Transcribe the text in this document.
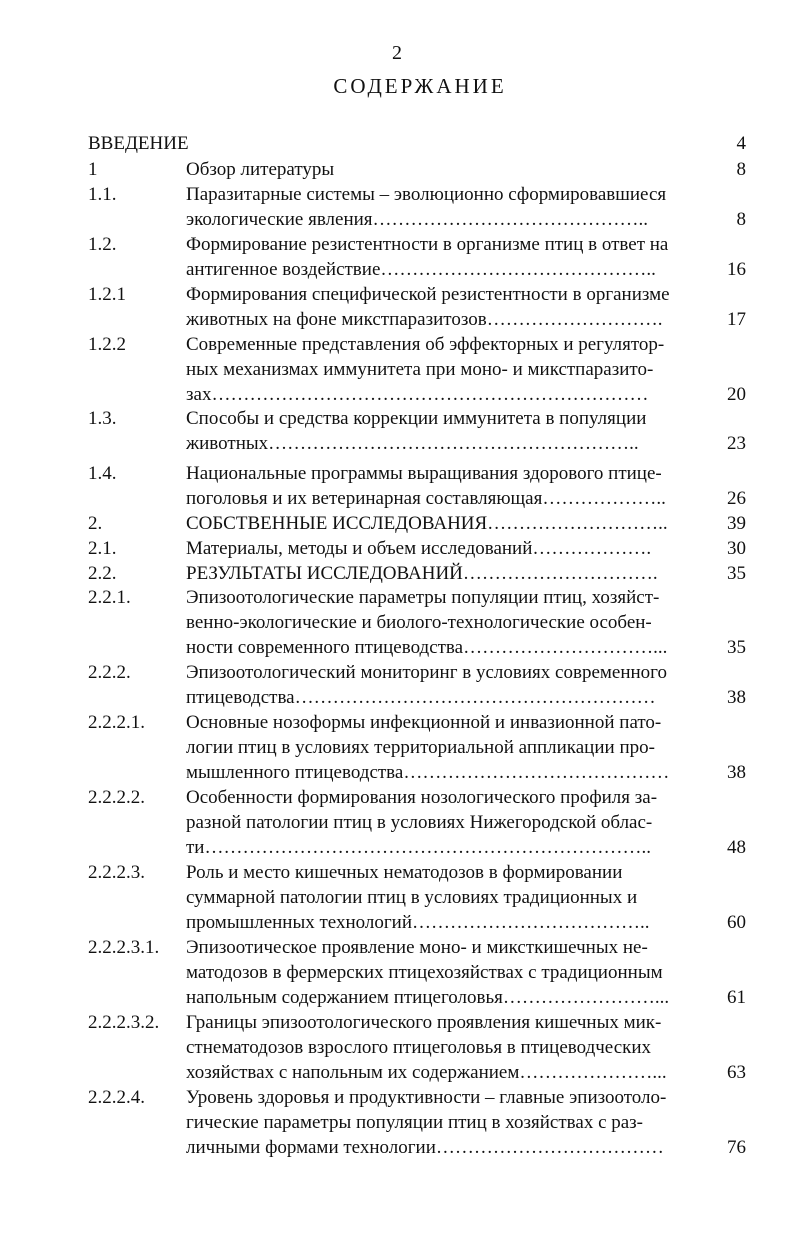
2
СОДЕРЖАНИЕ
ВВЕДЕНИЕ	4
1	Обзор литературы	8
1.1.	Паразитарные системы – эволюционно сформировавшиеся
экологические явления……………………………………..	8
1.2.	Формирование резистентности в организме птиц в ответ на
антигенное воздействие……………………………………..	16
1.2.1	Формирования специфической резистентности в организме
животных на фоне микстпаразитозов……………………….	17
1.2.2	Современные представления об эффекторных и регулятор-
ных механизмах иммунитета при моно- и микстпаразито-
зах……………………………………………………………	20
1.3.	Способы и средства коррекции иммунитета в популяции
животных…………………………………………………..	23
1.4.	Национальные программы выращивания здорового птице-
поголовья и их ветеринарная составляющая………………..	26
2.	СОБСТВЕННЫЕ ИССЛЕДОВАНИЯ………………………..	39
2.1.	Материалы, методы и объем исследований……………….	30
2.2.	РЕЗУЛЬТАТЫ ИССЛЕДОВАНИЙ………………………….	35
2.2.1.	Эпизоотологические параметры популяции птиц, хозяйст-
венно-экологические и биолого-технологические особен-
ности современного птицеводства…………………………...	35
2.2.2.	Эпизоотологический мониторинг в условиях современного
птицеводства…………………………………………………	38
2.2.2.1. Основные нозоформы инфекционной и инвазионной пато-
логии птиц в условиях территориальной аппликации про-
мышленного птицеводства……………………………………	38
2.2.2.2. Особенности формирования нозологического профиля за-
разной патологии птиц в условиях Нижегородской облас-
ти……………………………………………………………..	48
2.2.2.3. Роль и место кишечных нематодозов в формировании
суммарной патологии птиц в условиях традиционных и
промышленных технологий………………………………..	60
2.2.2.3.1. Эпизоотическое проявление моно- и миксткишечных не-
матодозов в фермерских птицехозяйствах с традиционным
напольным содержанием птицеголовья……………………...	61
2.2.2.3.2. Границы эпизоотологического проявления кишечных мик-
стнематодозов взрослого птицеголовья в птицеводческих
хозяйствах с напольным их содержанием…………………...	63
2.2.2.4. Уровень здоровья и продуктивности – главные эпизоотоло-
гические параметры популяции птиц в хозяйствах с раз-
личными формами технологии………………………………	76
